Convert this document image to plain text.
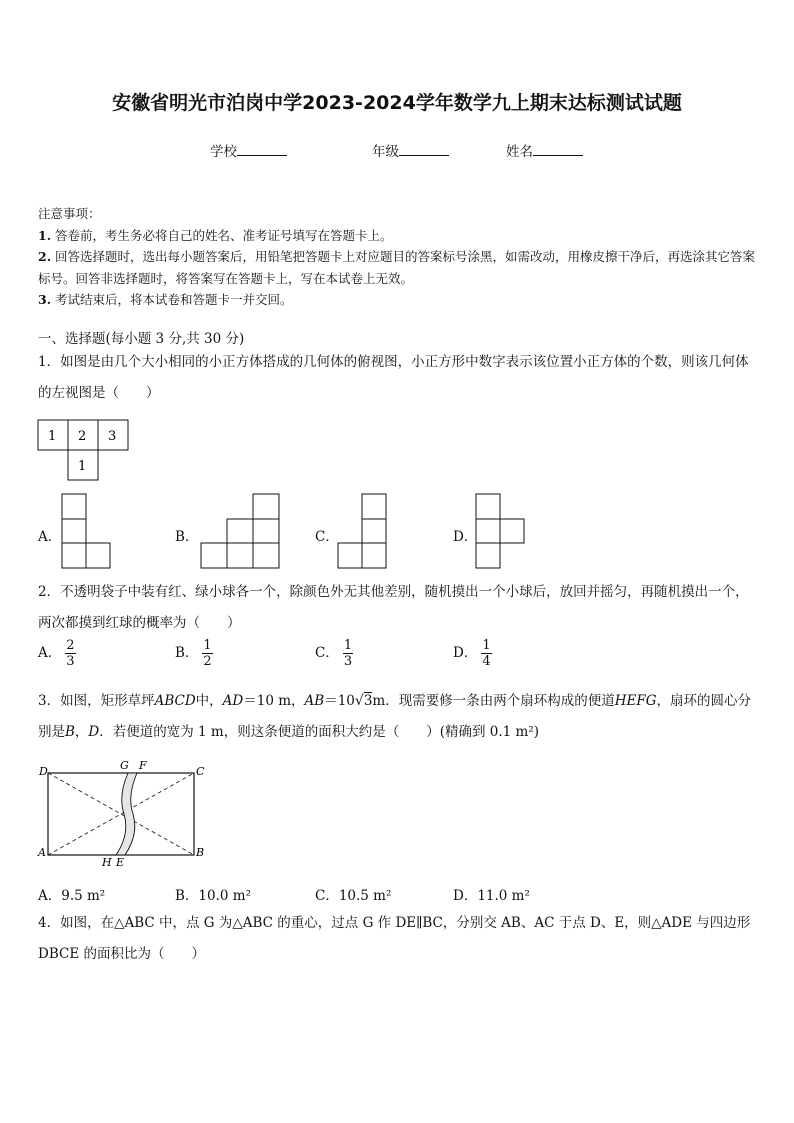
安徽省明光市泊岗中学2023-2024学年数学九上期末达标测试试题
学校	年级	姓名
注意事项：
1. 答卷前，考生务必将自己的姓名、准考证号填写在答题卡上。
2. 回答选择题时，选出每小题答案后，用铅笔把答题卡上对应题目的答案标号涂黑，如需改动，用橡皮擦干净后，再选涂其它答案标号。回答非选择题时，将答案写在答题卡上，写在本试卷上无效。
3. 考试结束后，将本试卷和答题卡一并交回。
一、选择题(每小题 3 分,共 30 分)
1．如图是由几个大小相同的小正方体搭成的几何体的俯视图，小正方形中数字表示该位置小正方体的个数，则该几何体的左视图是（　　）
1 2 3
1
A．	B．	C．	D．
2．不透明袋子中装有红、绿小球各一个，除颜色外无其他差别，随机摸出一个小球后，放回并摇匀，再随机摸出一个，两次都摸到红球的概率为（　　）
A． $\frac{2}{3}$	B． $\frac{1}{2}$	C． $\frac{1}{3}$	D． $\frac{1}{4}$
3．如图，矩形草坪ABCD中，AD＝10 m，AB＝10√3m．现需要修一条由两个扇环构成的便道HEFG，扇环的圆心分别是B，D．若便道的宽为 1 m，则这条便道的面积大约是（　　）(精确到 0.1 m²)
D	G F	C
A
H E
B
A．9.5 m²	B．10.0 m²	C．10.5 m²	D．11.0 m²
4．如图，在△ABC 中，点 G 为△ABC 的重心，过点 G 作 DE∥BC，分别交 AB、AC 于点 D、E，则△ADE 与四边形 DBCE 的面积比为（　　）
